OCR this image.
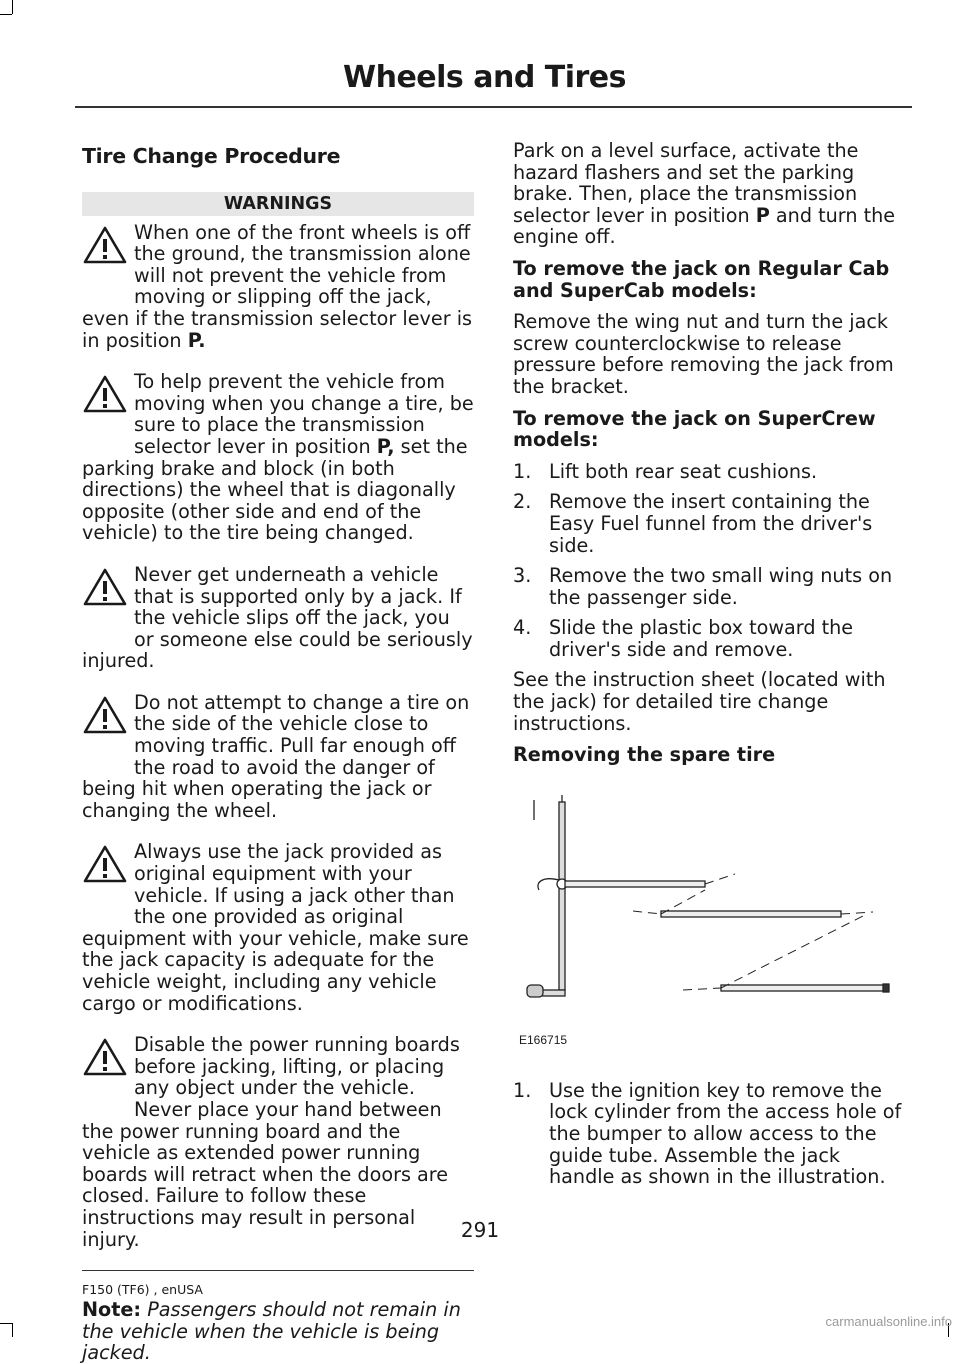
Wheels and Tires
Tire Change Procedure
WARNINGS
When one of the front wheels is off the ground, the transmission alone will not prevent the vehicle from moving or slipping off the jack, even if the transmission selector lever is in position P.
To help prevent the vehicle from moving when you change a tire, be sure to place the transmission selector lever in position P, set the parking brake and block (in both directions) the wheel that is diagonally opposite (other side and end of the vehicle) to the tire being changed.
Never get underneath a vehicle that is supported only by a jack. If the vehicle slips off the jack, you or someone else could be seriously injured.
Do not attempt to change a tire on the side of the vehicle close to moving traffic. Pull far enough off the road to avoid the danger of being hit when operating the jack or changing the wheel.
Always use the jack provided as original equipment with your vehicle. If using a jack other than the one provided as original equipment with your vehicle, make sure the jack capacity is adequate for the vehicle weight, including any vehicle cargo or modifications.
Disable the power running boards before jacking, lifting, or placing any object under the vehicle. Never place your hand between the power running board and the vehicle as extended power running boards will retract when the doors are closed. Failure to follow these instructions may result in personal injury.

Note: Passengers should not remain in the vehicle when the vehicle is being jacked.

Park on a level surface, activate the hazard flashers and set the parking brake. Then, place the transmission selector lever in position P and turn the engine off.

To remove the jack on Regular Cab and SuperCab models:

Remove the wing nut and turn the jack screw counterclockwise to release pressure before removing the jack from the bracket.

To remove the jack on SuperCrew models:

1. Lift both rear seat cushions.
2. Remove the insert containing the Easy Fuel funnel from the driver's side.
3. Remove the two small wing nuts on the passenger side.
4. Slide the plastic box toward the driver's side and remove.

See the instruction sheet (located with the jack) for detailed tire change instructions.

Removing the spare tire

E166715
1. Use the ignition key to remove the lock cylinder from the access hole of the bumper to allow access to the guide tube. Assemble the jack handle as shown in the illustration.
291
F150 (TF6) , enUSA
carmanualsonline.info
